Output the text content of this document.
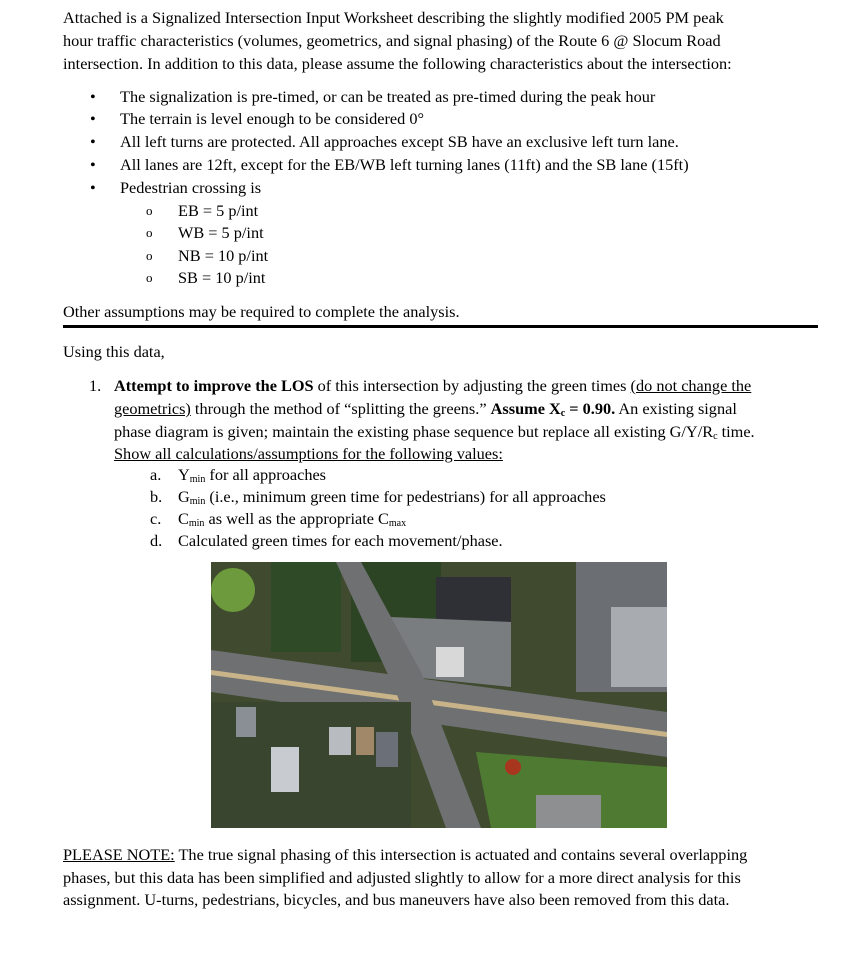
Attached is a Signalized Intersection Input Worksheet describing the slightly modified 2005 PM peak
hour traffic characteristics (volumes, geometrics, and signal phasing) of the Route 6 @ Slocum Road
intersection. In addition to this data, please assume the following characteristics about the intersection:
• The signalization is pre-timed, or can be treated as pre-timed during the peak hour
• The terrain is level enough to be considered 0°
• All left turns are protected. All approaches except SB have an exclusive left turn lane.
• All lanes are 12ft, except for the EB/WB left turning lanes (11ft) and the SB lane (15ft)
• Pedestrian crossing is
o EB = 5 p/int
o WB = 5 p/int
o NB = 10 p/int
o SB = 10 p/int
Other assumptions may be required to complete the analysis.
Using this data,
1. Attempt to improve the LOS of this intersection by adjusting the green times (do not change the
geometrics) through the method of “splitting the greens.” Assume $X_c = 0.90$. An existing signal
phase diagram is given; maintain the existing phase sequence but replace all existing $G/Y/R_c$ time.
Show all calculations/assumptions for the following values:
a. $Y_{min}$ for all approaches
b. $G_{min}$ (i.e., minimum green time for pedestrians) for all approaches
c. $C_{min}$ as well as the appropriate $C_{max}$
d. Calculated green times for each movement/phase.
PLEASE NOTE: The true signal phasing of this intersection is actuated and contains several overlapping
phases, but this data has been simplified and adjusted slightly to allow for a more direct analysis for this
assignment. U-turns, pedestrians, bicycles, and bus maneuvers have also been removed from this data.
